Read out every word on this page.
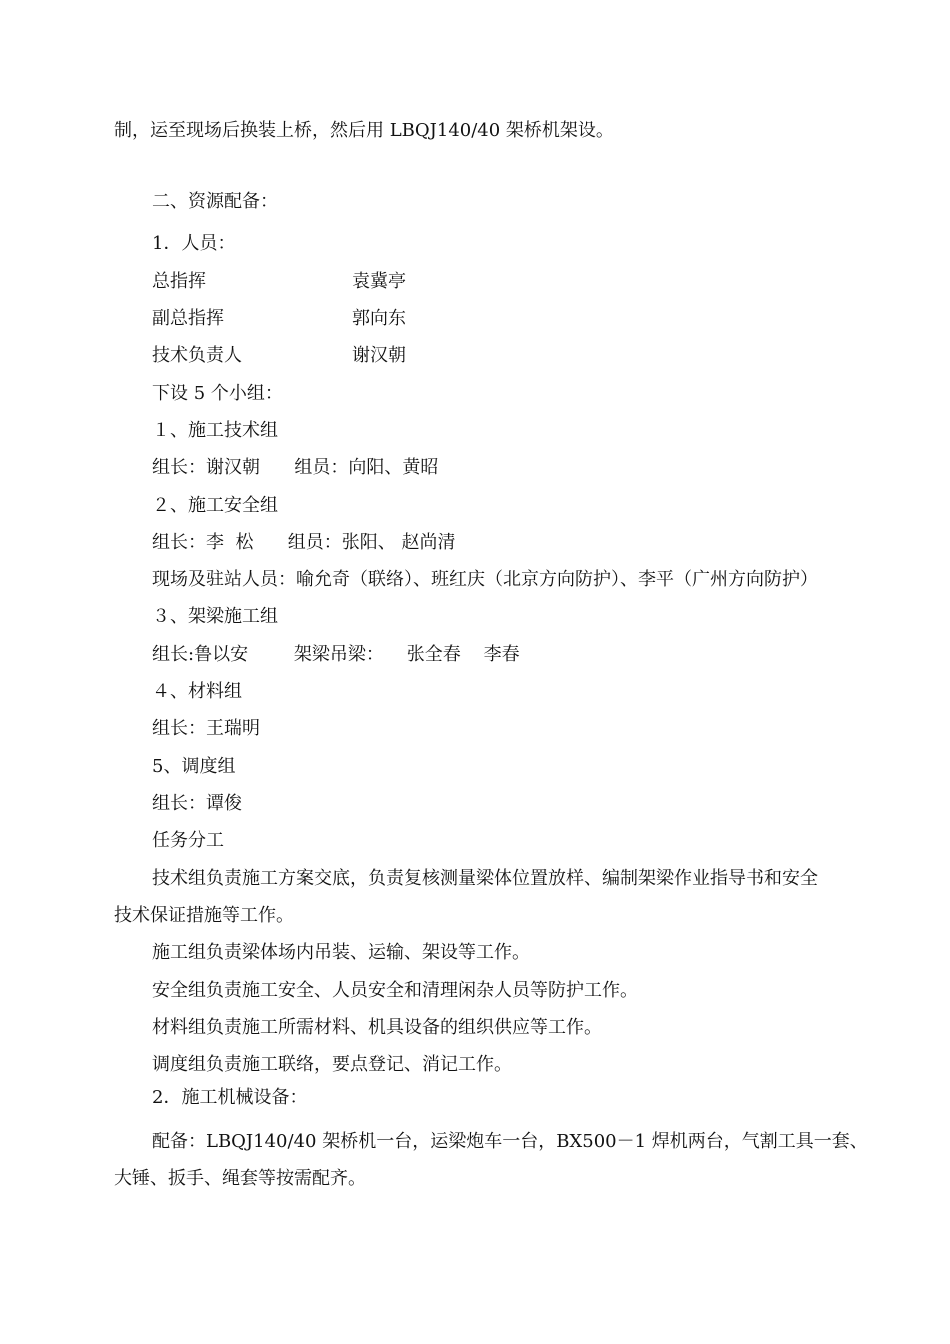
制，运至现场后换装上桥，然后用 LBQJ140/40 架桥机架设。
二、资源配备：
1．人员：
总指挥	袁冀亭
副总指挥	郭向东
技术负责人	谢汉朝
下设 5 个小组：
１、施工技术组
组长：谢汉朝      组员：向阳、黄昭
２、施工安全组
组长：李  松      组员：张阳、 赵尚清
现场及驻站人员：喻允奇（联络）、班红庆（北京方向防护）、李平（广州方向防护）
３、架梁施工组
组长:鲁以安        架梁吊梁：    张全春    李春
４、材料组
组长：王瑞明
5、调度组
组长：谭俊
任务分工
技术组负责施工方案交底，负责复核测量梁体位置放样、编制架梁作业指导书和安全
技术保证措施等工作。
施工组负责梁体场内吊装、运输、架设等工作。
安全组负责施工安全、人员安全和清理闲杂人员等防护工作。
材料组负责施工所需材料、机具设备的组织供应等工作。
调度组负责施工联络，要点登记、消记工作。
2．施工机械设备：
配备：LBQJ140/40 架桥机一台，运梁炮车一台，BX500－1 焊机两台，气割工具一套、
大锤、扳手、绳套等按需配齐。
